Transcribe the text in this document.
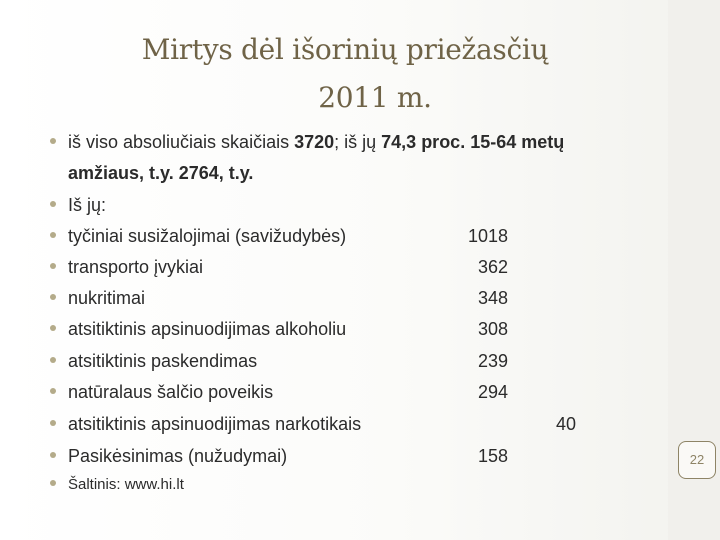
Mirtys dėl išorinių priežasčių
2011 m.
iš viso absoliučiais skaičiais 3720; iš jų 74,3 proc. 15-64 metų
amžiaus, t.y. 2764, t.y.
Iš jų:
tyčiniai susižalojimai (savižudybės)	1018
transporto įvykiai	362
nukritimai	348
atsitiktinis apsinuodijimas alkoholiu	308
atsitiktinis paskendimas	239
natūralaus šalčio poveikis	294
atsitiktinis apsinuodijimas narkotikais	40
Pasikėsinimas (nužudymai)	158
Šaltinis: www.hi.lt
22
